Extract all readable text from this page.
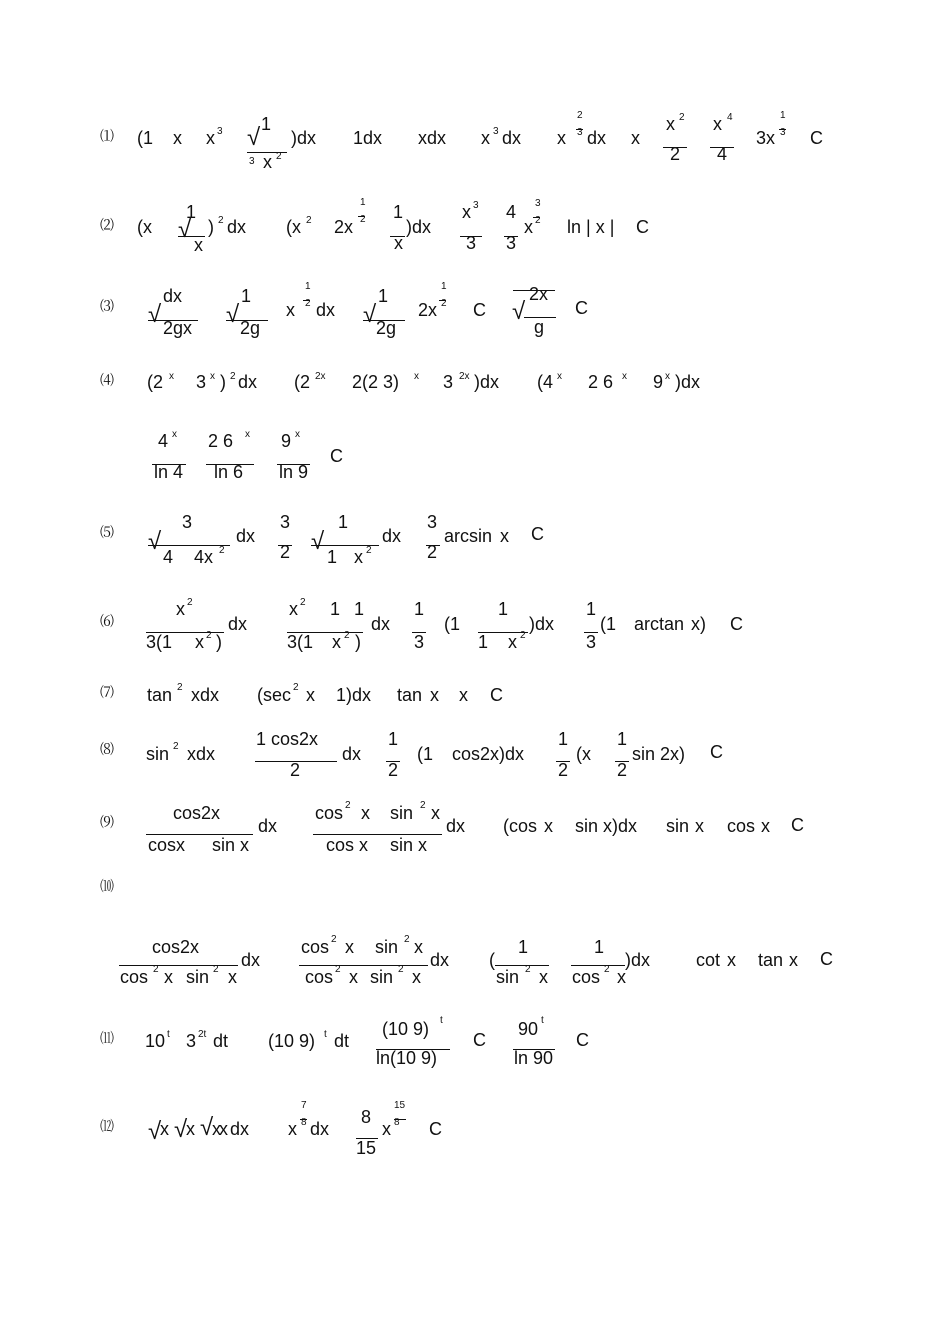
⑴ (1 x x 3 1
3 x 2
)dx 1dx xdx x 3 dx x
2
3 dx x
x
2
2 x
4
4
3x
1
3 C
√
⑵ (x
1
x
) 2 dx (x 2 2x
1
2 1
x
)dx
x 3
3
4
3
x
3
2 ln | x | C
√
⑶
dx
2gx
1
2g
x
1
2 dx
1
2g
2x
1
2 C
2x
g
C
√	√	√	√
⑷ (2 x 3 x ) 2 dx (2 2x 2(2 3) x 3 2x )dx (4 x 2 6 x 9 x )dx
4 x
ln 4
2 6 x
ln 6
9 x
ln 9
C
⑸
3
4 4x 2
dx
3
2
1
1 x 2
dx
3
2
arcsin x C
√	√
⑹
x 2
3(1 x 2 )
dx
x 2 1 1
3(1 x 2 )
dx
1
3
(1
1
1 x 2
)dx
1
3
(1 arctan x) C
⑺ tan 2 xdx (sec 2 x 1)dx tan x x C
⑻ sin 2 xdx
1 cos2x
2
dx
1
2
(1 cos2x)dx
1
2
(x
1
2
sin 2x) C
⑼	cos2x
cosx sin x
dx
cos 2 x sin 2 x
cos x sin x
dx (cos x sin x)dx sin x cos x C
⑽
cos2x
cos 2 x sin 2 x
dx
cos 2 x sin 2 x
cos 2 x sin 2 x
dx (
1
sin 2 x
1
cos 2 x
)dx	cot x tan x C
⑾ 10 t 3 2t dt (10 9) t dt
(10 9) t
ln(10 9)
C
90 t
ln 90
C
⑿	x x x
x dx x
7
8 dx
8
15
x
15
8 C
√ √ √
